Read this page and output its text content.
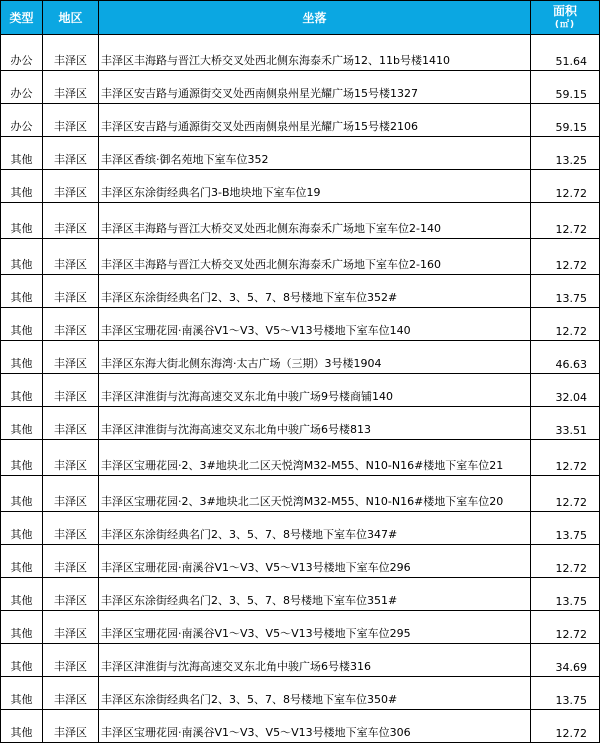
类型	地区	坐落	面积
(㎡)
办公	丰泽区	丰泽区丰海路与晋江大桥交叉处西北侧东海泰禾广场12、11b号楼1410	51.64
办公	丰泽区	丰泽区安吉路与通源街交叉处西南侧泉州星光耀广场15号楼1327	59.15
办公	丰泽区	丰泽区安吉路与通源街交叉处西南侧泉州星光耀广场15号楼2106	59.15
其他	丰泽区	丰泽区香缤·御名苑地下室车位352	13.25
其他	丰泽区	丰泽区东涂街经典名门3-B地块地下室车位19	12.72
其他	丰泽区	丰泽区丰海路与晋江大桥交叉处西北侧东海泰禾广场地下室车位2-140	12.72
其他	丰泽区	丰泽区丰海路与晋江大桥交叉处西北侧东海泰禾广场地下室车位2-160	12.72
其他	丰泽区	丰泽区东涂街经典名门2、3、5、7、8号楼地下室车位352#	13.75
其他	丰泽区	丰泽区宝珊花园·南溪谷V1～V3、V5～V13号楼地下室车位140	12.72
其他	丰泽区	丰泽区东海大街北侧东海湾·太古广场（三期）3号楼1904	46.63
其他	丰泽区	丰泽区津淮街与沈海高速交叉东北角中骏广场9号楼商铺140	32.04
其他	丰泽区	丰泽区津淮街与沈海高速交叉东北角中骏广场6号楼813	33.51
其他	丰泽区	丰泽区宝珊花园·2、3#地块北二区天悦湾M32-M55、N10-N16#楼地下室车位21	12.72
其他	丰泽区	丰泽区宝珊花园·2、3#地块北二区天悦湾M32-M55、N10-N16#楼地下室车位20	12.72
其他	丰泽区	丰泽区东涂街经典名门2、3、5、7、8号楼地下室车位347#	13.75
其他	丰泽区	丰泽区宝珊花园·南溪谷V1～V3、V5～V13号楼地下室车位296	12.72
其他	丰泽区	丰泽区东涂街经典名门2、3、5、7、8号楼地下室车位351#	13.75
其他	丰泽区	丰泽区宝珊花园·南溪谷V1～V3、V5～V13号楼地下室车位295	12.72
其他	丰泽区	丰泽区津淮街与沈海高速交叉东北角中骏广场6号楼316	34.69
其他	丰泽区	丰泽区东涂街经典名门2、3、5、7、8号楼地下室车位350#	13.75
其他	丰泽区	丰泽区宝珊花园·南溪谷V1～V3、V5～V13号楼地下室车位306	12.72
